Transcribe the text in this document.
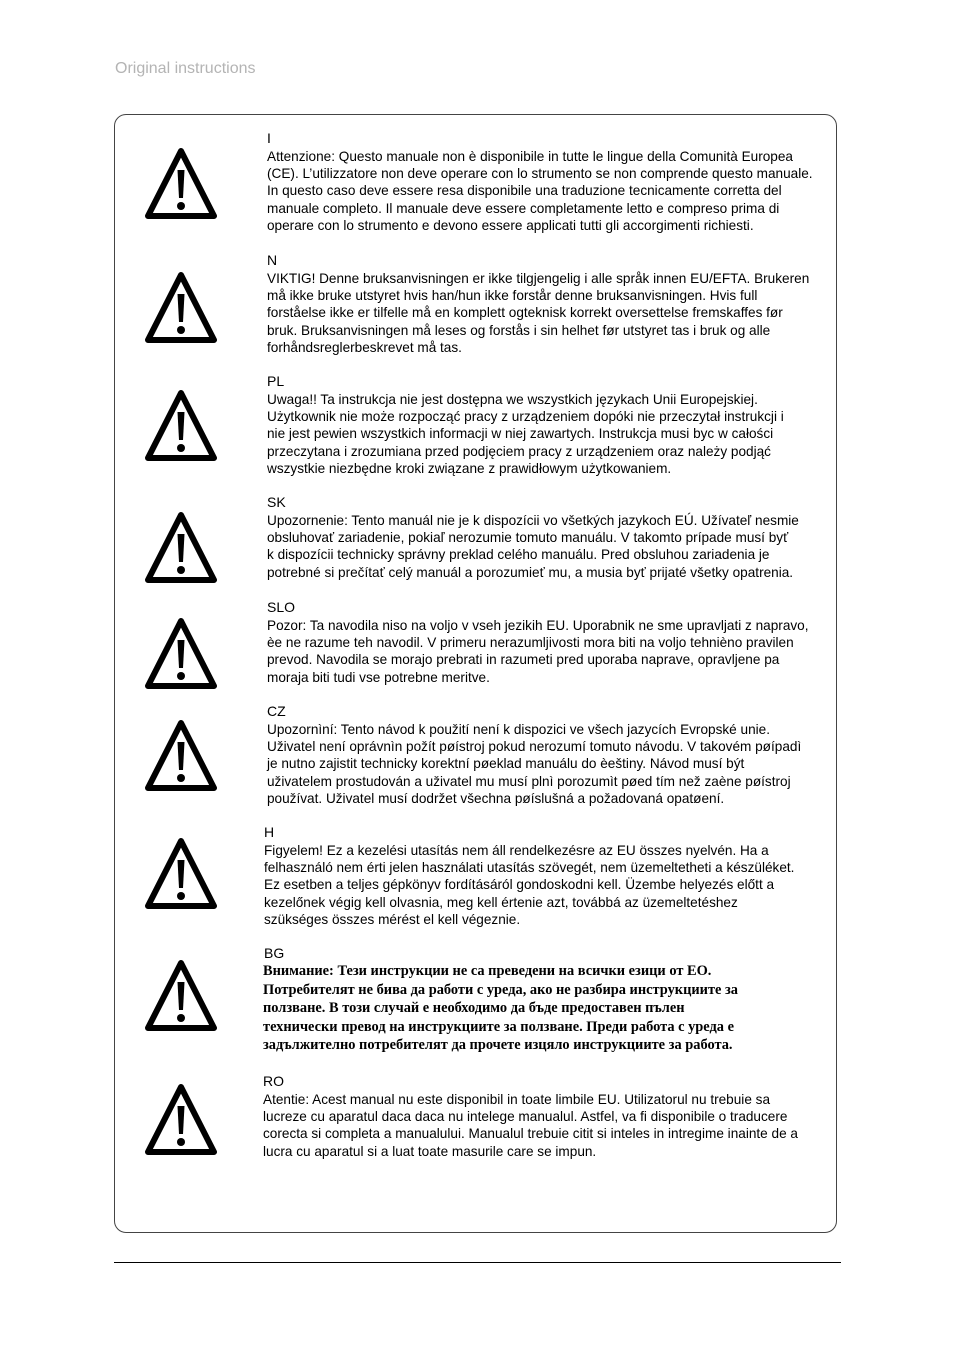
Original instructions
I
Attenzione: Questo manuale non è disponibile in tutte le lingue della Comunità Europea
(CE). L’utilizzatore non deve operare con lo strumento se non comprende questo manuale.
In questo caso deve essere resa disponibile una traduzione tecnicamente corretta del
manuale completo. Il manuale deve essere completamente letto e compreso prima di
operare con lo strumento e devono essere applicati tutti gli accorgimenti richiesti.
N
VIKTIG! Denne bruksanvisningen er ikke tilgjengelig i alle språk innen EU/EFTA. Brukeren
må ikke bruke utstyret hvis han/hun ikke forstår denne bruksanvisningen. Hvis full
forståelse ikke er tilfelle må en komplett ogteknisk korrekt oversettelse fremskaffes før
bruk. Bruksanvisningen må leses og forstås i sin helhet før utstyret tas i bruk og alle
forhåndsreglerbeskrevet må tas.
PL
Uwaga!! Ta instrukcja nie jest dostępna we wszystkich językach Unii Europejskiej.
Użytkownik nie może rozpocząć pracy z urządzeniem dopóki nie przeczytał instrukcji i
nie jest pewien wszystkich informacji w niej zawartych. Instrukcja musi byc w całości
przeczytana i zrozumiana przed podjęciem pracy z urządzeniem oraz należy podjąć
wszystkie niezbędne kroki związane z prawidłowym użytkowaniem.
SK
Upozornenie: Tento manuál nie je k dispozícii vo všetkých jazykoch EÚ. Užívateľ nesmie
obsluhovať zariadenie, pokiaľ nerozumie tomuto manuálu. V takomto prípade musí byť
k dispozícii technicky správny preklad celého manuálu. Pred obsluhou zariadenia je
potrebné si prečítať celý manuál a porozumieť mu, a musia byť prijaté všetky opatrenia.
SLO
Pozor: Ta navodila niso na voljo v vseh jezikih EU. Uporabnik ne sme upravljati z napravo,
èe ne razume teh navodil. V primeru nerazumljivosti mora biti na voljo tehnièno pravilen
prevod. Navodila se morajo prebrati in razumeti pred uporaba naprave, opravljene pa
moraja biti tudi vse potrebne meritve.
CZ
Upozornìní: Tento návod k použití není k dispozici ve všech jazycích Evropské unie.
Uživatel není oprávnìn požít pøístroj pokud nerozumí tomuto návodu. V takovém pøípadì
je nutno zajistit technicky korektní pøeklad manuálu do èeštiny. Návod musí být
uživatelem prostudován a uživatel mu musí plnì porozumìt pøed tím než zaène pøístroj
používat. Uživatel musí dodržet všechna pøíslušná a požadovaná opatøení.
H
Figyelem! Ez a kezelési utasítás nem áll rendelkezésre az EU összes nyelvén. Ha a
felhasználó nem érti jelen használati utasítás szövegét, nem üzemeltetheti a készüléket.
Ez esetben a teljes gépkönyv fordításáról gondoskodni kell. Üzembe helyezés előtt a
kezelőnek végig kell olvasnia, meg kell értenie azt, továbbá az üzemeltetéshez
szükséges összes mérést el kell végeznie.
BG
Внимание: Тези инструкции не са преведени на всички езици от ЕО.
Потребителят не бива да работи с уреда, ако не разбира инструкциите за
ползване. В този случай е необходимо да бъде предоставен пълен
технически превод на инструкциите за ползване. Преди работа с уреда е
задължително потребителят да прочете изцяло инструкциите за работа.
RO
Atentie: Acest manual nu este disponibil in toate limbile EU. Utilizatorul nu trebuie sa
lucreze cu aparatul daca daca nu intelege manualul. Astfel, va fi disponibile o traducere
corecta si completa a manualului. Manualul trebuie citit si inteles in intregime inainte de a
lucra cu aparatul si a luat toate masurile care se impun.
